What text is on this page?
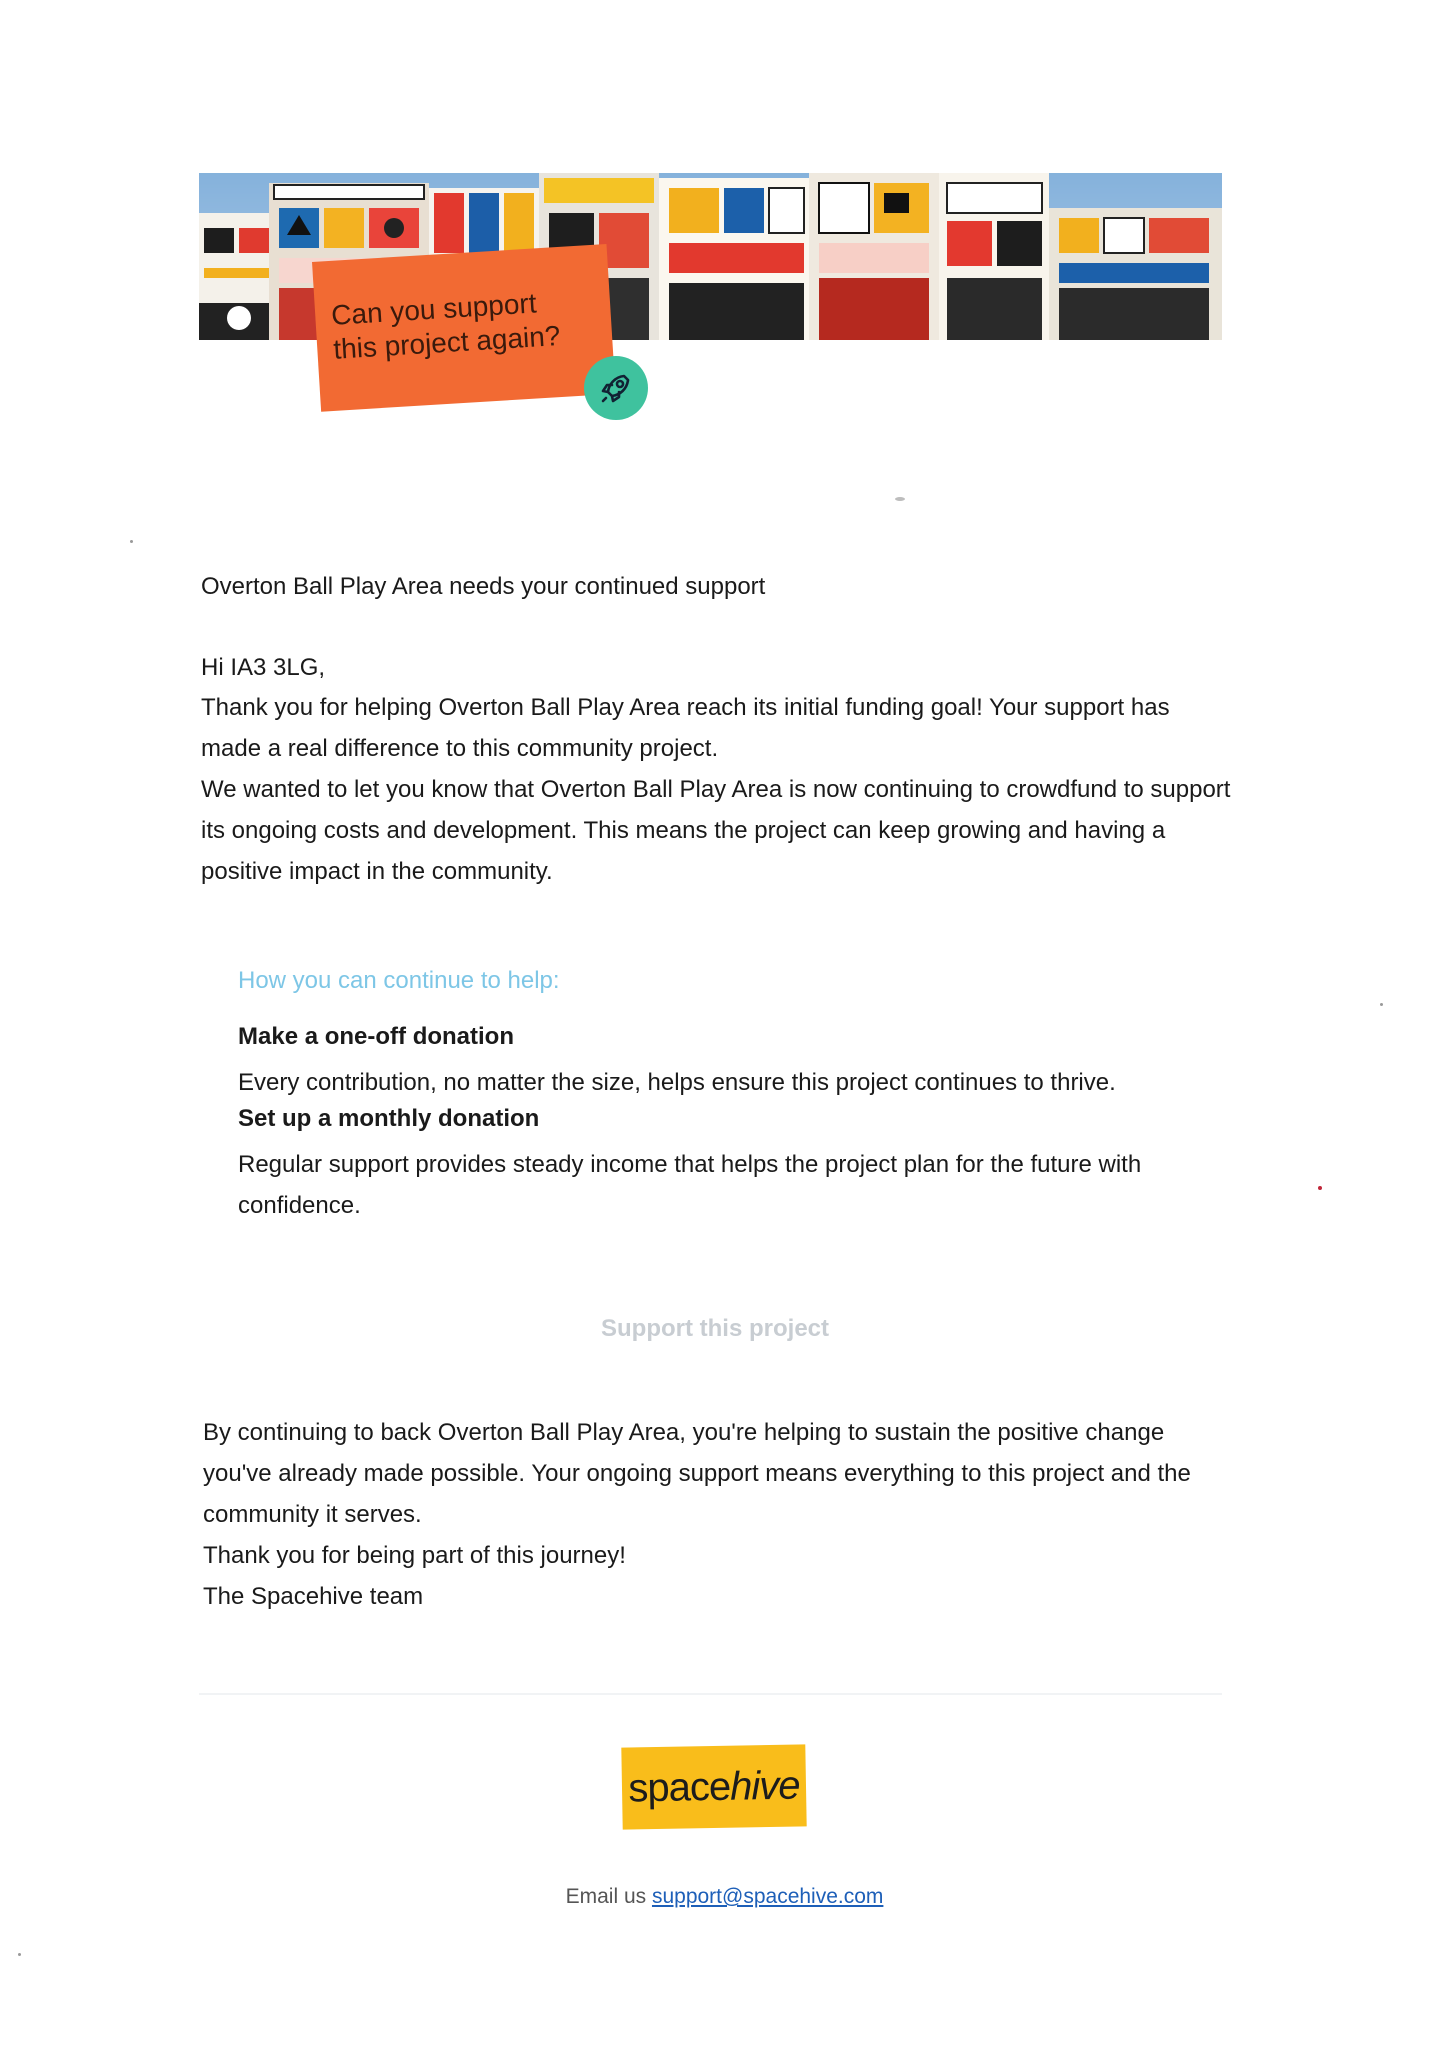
Can you support
this project again?
Overton Ball Play Area needs your continued support
Hi IA3 3LG,
Thank you for helping Overton Ball Play Area reach its initial funding goal! Your support has made a real difference to this community project.
We wanted to let you know that Overton Ball Play Area is now continuing to crowdfund to support its ongoing costs and development. This means the project can keep growing and having a positive impact in the community.
How you can continue to help:
Make a one-off donation
Every contribution, no matter the size, helps ensure this project continues to thrive.
Set up a monthly donation
Regular support provides steady income that helps the project plan for the future with confidence.
Support this project

By continuing to back Overton Ball Play Area, you're helping to sustain the positive change you've already made possible. Your ongoing support means everything to this project and the community it serves.

Thank you for being part of this journey!

The Spacehive team

space hive
Email us support@spacehive.com
